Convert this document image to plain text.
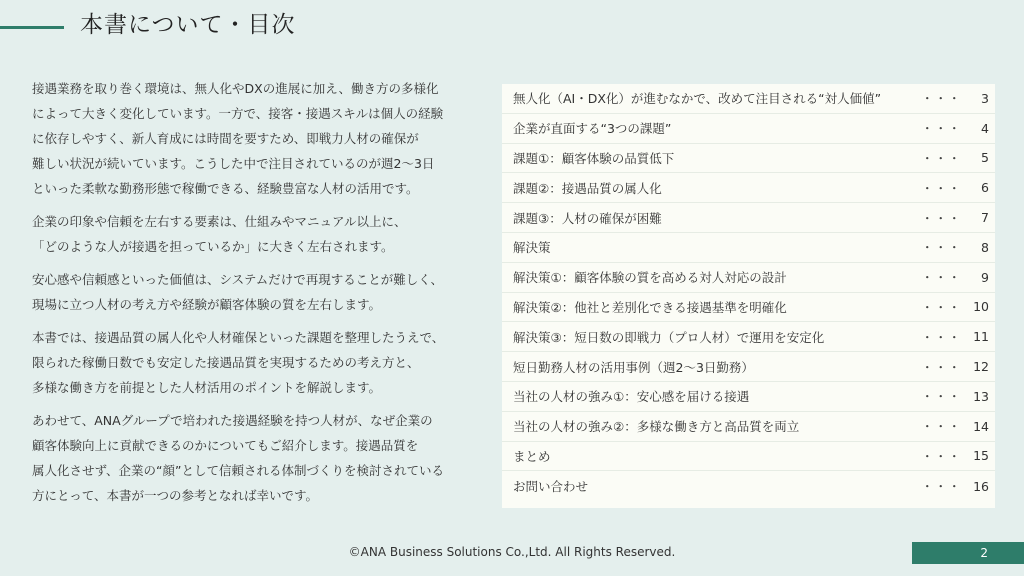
本書について・目次

接遇業務を取り巻く環境は、無人化やDXの進展に加え、働き方の多様化
によって大きく変化しています。一方で、接客・接遇スキルは個人の経験
に依存しやすく、新人育成には時間を要すため、即戦力人材の確保が
難しい状況が続いています。こうした中で注目されているのが週2～3日
といった柔軟な勤務形態で稼働できる、経験豊富な人材の活用です。

企業の印象や信頼を左右する要素は、仕組みやマニュアル以上に、
「どのような人が接遇を担っているか」に大きく左右されます。

安心感や信頼感といった価値は、システムだけで再現することが難しく、
現場に立つ人材の考え方や経験が顧客体験の質を左右します。

本書では、接遇品質の属人化や人材確保といった課題を整理したうえで、
限られた稼働日数でも安定した接遇品質を実現するための考え方と、
多様な働き方を前提とした人材活用のポイントを解説します。

あわせて、ANAグループで培われた接遇経験を持つ人材が、なぜ企業の
顧客体験向上に貢献できるのかについてもご紹介します。接遇品質を
属人化させず、企業の“顔”として信頼される体制づくりを検討されている
方にとって、本書が一つの参考となれば幸いです。

無人化（AI・DX化）が進むなかで、改めて注目される“対人価値”	・・・	3
企業が直面する“3つの課題”	・・・	4
課題①：顧客体験の品質低下	・・・	5
課題②：接遇品質の属人化	・・・	6
課題③：人材の確保が困難	・・・	7
解決策	・・・	8
解決策①：顧客体験の質を高める対人対応の設計	・・・	9
解決策②：他社と差別化できる接遇基準を明確化	・・・ 10
解決策③：短日数の即戦力（プロ人材）で運用を安定化	・・・ 11
短日勤務人材の活用事例（週2～3日勤務）	・・・ 12
当社の人材の強み①：安心感を届ける接遇	・・・ 13
当社の人材の強み②：多様な働き方と高品質を両立	・・・ 14
まとめ	・・・ 15
お問い合わせ	・・・ 16
©ANA Business Solutions Co.,Ltd. All Rights Reserved.	2
